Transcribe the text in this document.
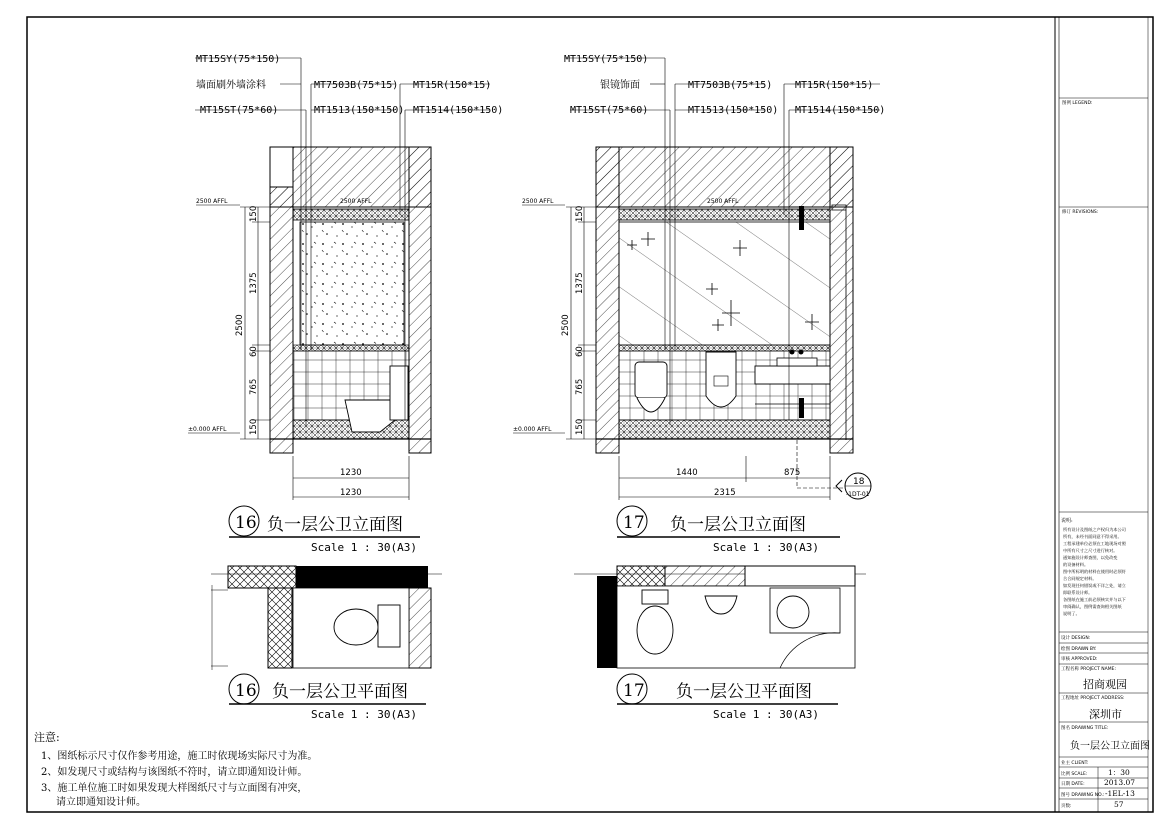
MT15SY(75*150)
墙面刷外墙涂料
MT15ST(75*60)
MT7503B(75*15)
MT1513(150*150)
MT15R(150*15)
MT1514(150*150)
2500 AFFL	2500 AFFL
±0.000 AFFL
2500
150
1375
60
765
150
1230
1230
16 负一层公卫立面图
Scale 1 : 30(A3)
MT15SY(75*150)
银镜饰面
MT15ST(75*60)
MT7503B(75*15)
MT1513(150*150)
MT15R(150*15)
MT1514(150*150)
2500 AFFL	2500 AFFL
±0.000 AFFL
2500
150
1375
60
765
150
1440	875
2315
18
-1DT-01
17 负一层公卫立面图
Scale 1 : 30(A3)
16 负一层公卫平面图
Scale 1 : 30(A3)
17 负一层公卫平面图
Scale 1 : 30(A3)
注意:
1、图纸标示尺寸仅作参考用途，施工时依现场实际尺寸为准。
2、如发现尺寸或结构与该图纸不符时，请立即通知设计师。
3、施工单位施工时如果发现大样图纸尺寸与立面图有冲突，
请立即通知设计师。
图例 LEGEND:
修订 REVISIONS:
说明:
所有设计及图纸之产权归为本公司
所有，未经书面同意不得采用。
工程承建单位必须在工地现场对照
中所有尺寸之尺寸进行核对。
通知施设计师查图，以免改变
的设备材料。
图中所标明的材料在使用时必须符
合合同规定材料。
如发现任何错误或不详之处，请立
即联系设计师。
各图纸在施工前必须核实并与以下
审阅确认，图例需查询相关图纸
说明了。
设计 DESIGN:
绘图 DRAWN BY:
审核 APPROVED:
工程名称 PROJECT NAME:
招商观园
工程地址 PROJECT ADDRESS:
深圳市
图名 DRAWING TITLE:
负一层公卫立面图
业主 CLIENT:
比例 SCALE:	1：30
日期 DATE:	2013.07
图号 DRAWING NO.: -1EL-13
页数:	57
